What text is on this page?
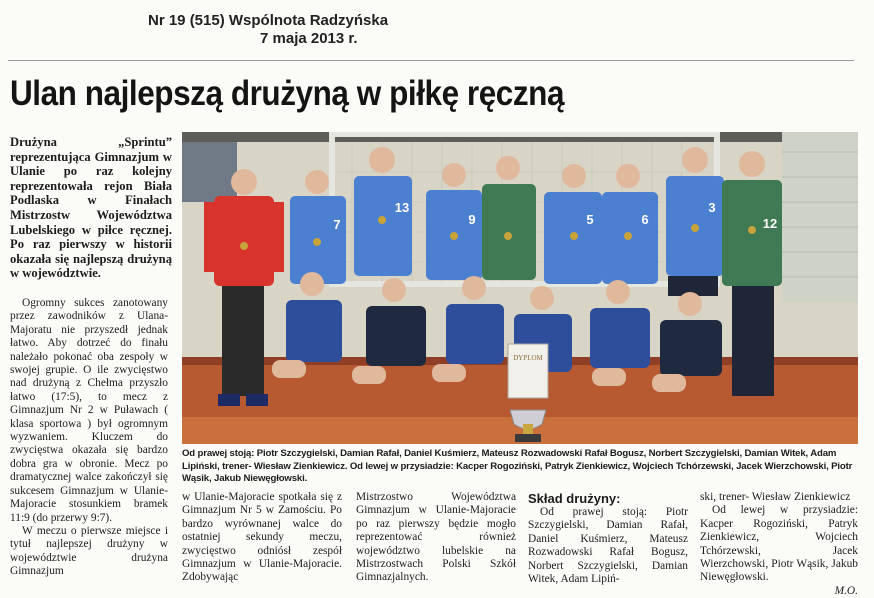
Nr 19 (515) Wspólnota Radzyńska
7 maja 2013 r.
Ulan najlepszą drużyną w piłkę ręczną
Drużyna „Sprintu” reprezentująca Gimnazjum w Ulanie po raz kolejny reprezentowała rejon Biała Podlaska w Finałach Mistrzostw Województwa Lubelskiego w piłce ręcznej. Po raz pierwszy w historii okazała się najlepszą drużyną w województwie.

Ogromny sukces zanotowany przez zawodników z Ulana-Majoratu nie przyszedł jednak łatwo. Aby dotrzeć do finału należało pokonać oba zespoły w swojej grupie. O ile zwycięstwo nad drużyną z Chełma przyszło łatwo (17:5), to mecz z Gimnazjum Nr 2 w Puławach ( klasa sportowa ) był ogromnym wyzwaniem. Kluczem do zwycięstwa okazała się bardzo dobra gra w obronie. Mecz po dramatycznej walce zakończył się sukcesem Gimnazjum w Ulanie-Majoracie stosunkiem bramek 11:9 (do przerwy 9:7).

W meczu o pierwsze miejsce i tytuł najlepszej drużyny w województwie drużyna Gimnazjum

7
13
9	5	6
3
12
DYPLOM
Od prawej stoją: Piotr Szczygielski, Damian Rafał, Daniel Kuśmierz, Mateusz Rozwadowski Rafał Bogusz, Norbert Szczygielski, Damian Witek, Adam Lipiński, trener- Wiesław Zienkiewicz. Od lewej w przysiadzie: Kacper Rogoziński, Patryk Zienkiewicz, Wojciech Tchórzewski, Jacek Wierzchowski, Piotr Wąsik, Jakub Niewęgłowski.

w Ulanie-Majoracie spotkała się z Gimnazjum Nr 5 w Zamościu. Po bardzo wyrównanej walce do ostatniej sekundy meczu, zwycięstwo odniósł zespół Gimnazjum w Ulanie-Majoracie. Zdobywając

Mistrzostwo Województwa Gimnazjum w Ulanie-Majoracie po raz pierwszy będzie mogło reprezentować również województwo lubelskie na Mistrzostwach Polski Szkół Gimnazjalnych.

Skład drużyny:

Od prawej stoją: Piotr Szczygielski, Damian Rafał, Daniel Kuśmierz, Mateusz Rozwadowski Rafał Bogusz, Norbert Szczygielski, Damian Witek, Adam Lipiń-

ski, trener- Wiesław Zienkiewicz

Od lewej w przysiadzie: Kacper Rogoziński, Patryk Zienkiewicz, Wojciech Tchórzewski, Jacek Wierzchowski, Piotr Wąsik, Jakub Niewęgłowski.

M.O.
